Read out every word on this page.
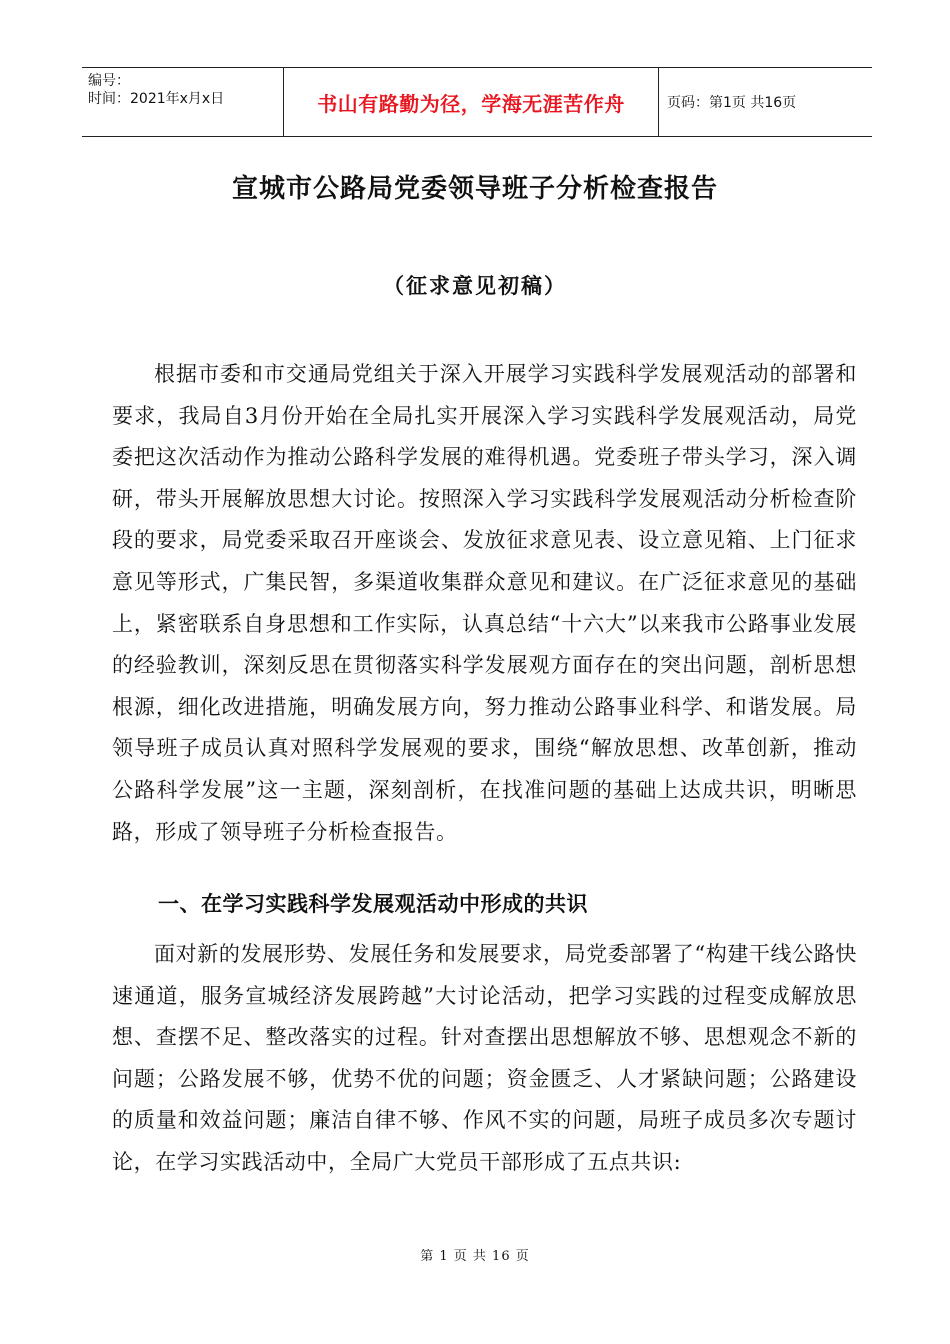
编号：
时间：2021年x月x日	书山有路勤为径，学海无涯苦作舟	页码：第1页 共16页
宣城市公路局党委领导班子分析检查报告
（征求意见初稿）

根据市委和市交通局党组关于深入开展学习实践科学发展观活动的部署和要求，我局自3月份开始在全局扎实开展深入学习实践科学发展观活动，局党委把这次活动作为推动公路科学发展的难得机遇。党委班子带头学习，深入调研，带头开展解放思想大讨论。按照深入学习实践科学发展观活动分析检查阶段的要求，局党委采取召开座谈会、发放征求意见表、设立意见箱、上门征求意见等形式，广集民智，多渠道收集群众意见和建议。在广泛征求意见的基础上，紧密联系自身思想和工作实际，认真总结“十六大”以来我市公路事业发展的经验教训，深刻反思在贯彻落实科学发展观方面存在的突出问题，剖析思想根源，细化改进措施，明确发展方向，努力推动公路事业科学、和谐发展。局领导班子成员认真对照科学发展观的要求，围绕“解放思想、改革创新，推动公路科学发展”这一主题，深刻剖析，在找准问题的基础上达成共识，明晰思路，形成了领导班子分析检查报告。

一、在学习实践科学发展观活动中形成的共识

面对新的发展形势、发展任务和发展要求，局党委部署了“构建干线公路快速通道，服务宣城经济发展跨越”大讨论活动，把学习实践的过程变成解放思想、查摆不足、整改落实的过程。针对查摆出思想解放不够、思想观念不新的问题；公路发展不够，优势不优的问题；资金匮乏、人才紧缺问题；公路建设的质量和效益问题；廉洁自律不够、作风不实的问题，局班子成员多次专题讨论，在学习实践活动中，全局广大党员干部形成了五点共识:

第 1 页 共 16 页
